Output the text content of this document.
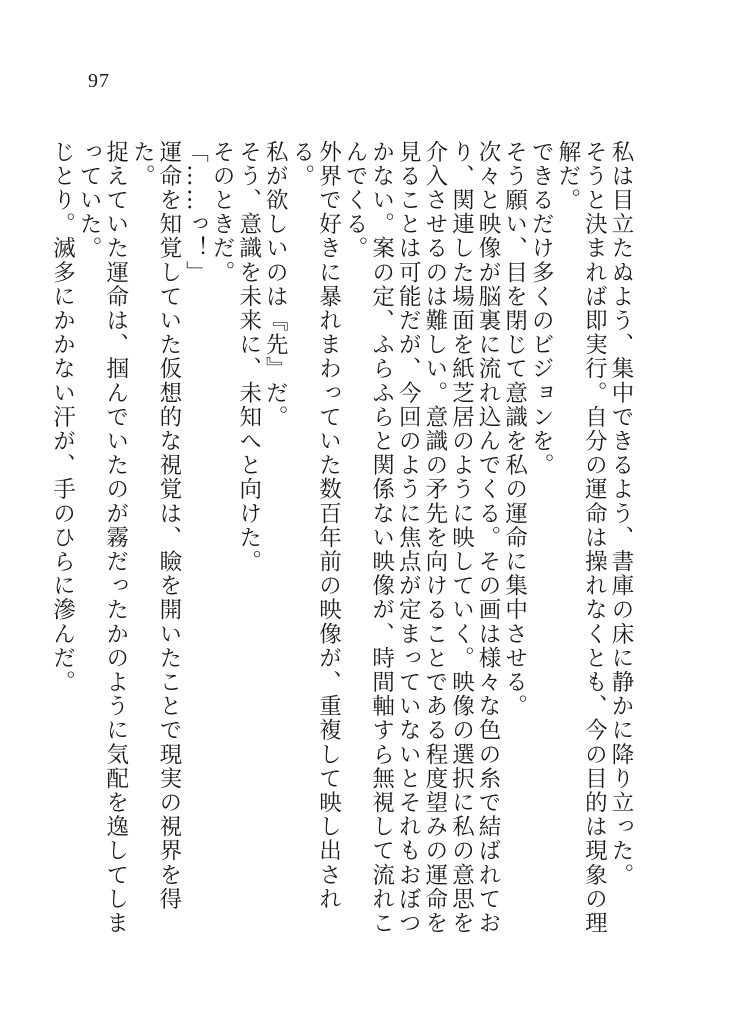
97

私は目立たぬよう、集中できるよう、書庫の床に静かに降り立った。

そうと決まれば即実行。自分の運命は操れなくとも、今の目的は現象の理解だ。

できるだけ多くのビジョンを。

そう願い、目を閉じて意識を私の運命に集中させる。

次々と映像が脳裏に流れ込んでくる。その画は様々な色の糸で結ばれており、関連した場面を紙芝居のように映していく。映像の選択に私の意思を介入させるのは難しい。意識の矛先を向けることである程度望みの運命を見ることは可能だが、今回のように焦点が定まっていないとそれもおぼつかない。案の定、ふらふらと関係ない映像が、時間軸すら無視して流れこんでくる。

外界で好きに暴れまわっていた数百年前の映像が、重複して映し出される。

私が欲しいのは『先』だ。

そう、意識を未来に、未知へと向けた。

そのときだ。

「……っ！」

運命を知覚していた仮想的な視覚は、瞼を開いたことで現実の視界を得た。

捉えていた運命は、掴んでいたのが霧だったかのように気配を逸してしまっていた。

じとり。滅多にかかない汗が、手のひらに滲んだ。
